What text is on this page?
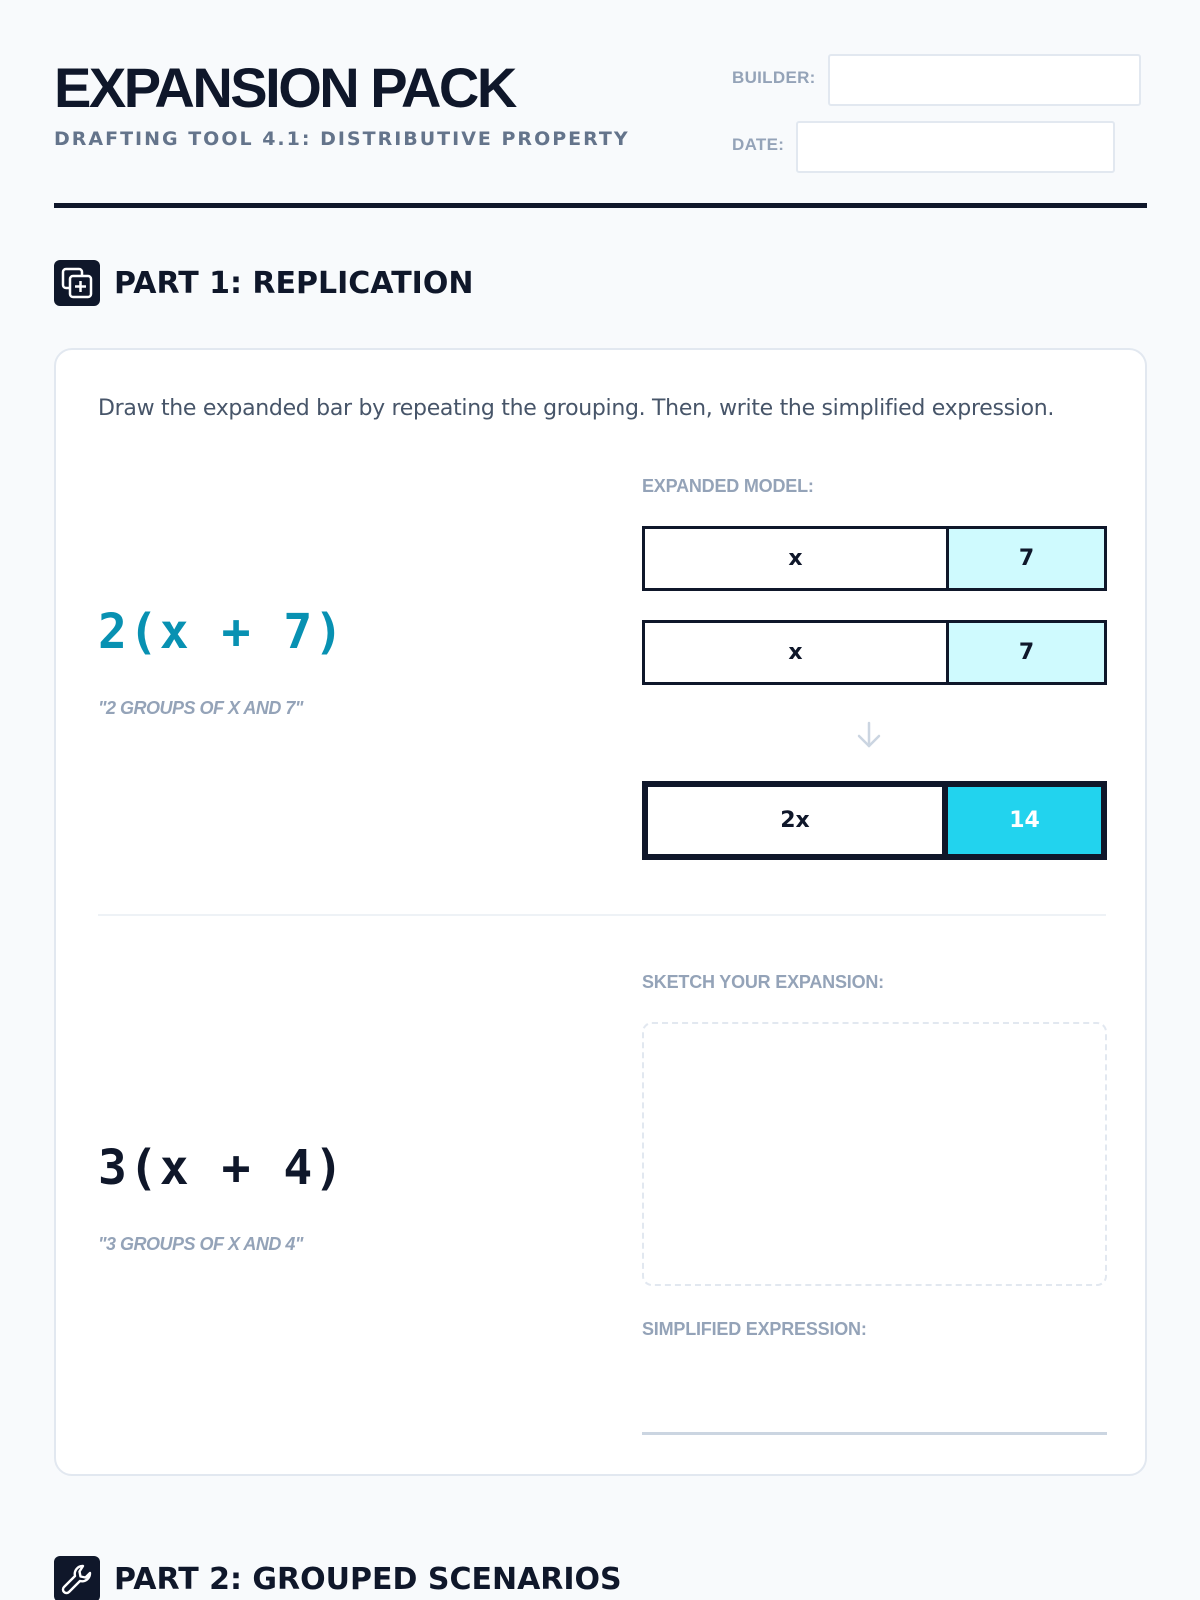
EXPANSION PACK
DRAFTING TOOL 4.1: DISTRIBUTIVE PROPERTY
BUILDER:
DATE:
PART 1: REPLICATION
Draw the expanded bar by repeating the grouping. Then, write the simplified expression.
2(x + 7)
"2 GROUPS OF X AND 7"
EXPANDED MODEL:
x	7
x	7
2x	14
3(x + 4)
"3 GROUPS OF X AND 4"
SKETCH YOUR EXPANSION:
SIMPLIFIED EXPRESSION:
PART 2: GROUPED SCENARIOS
